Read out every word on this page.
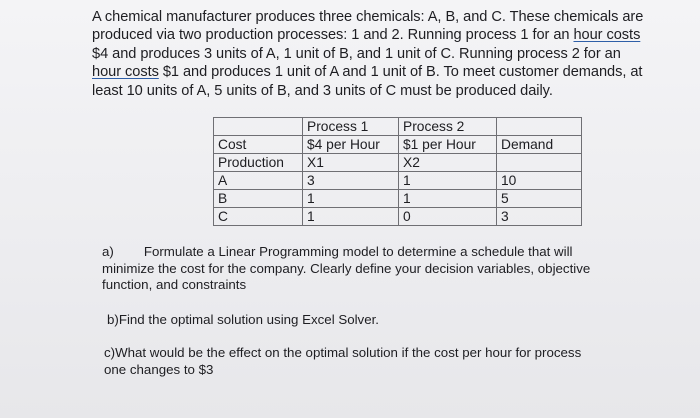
A chemical manufacturer produces three chemicals: A, B, and C. These chemicals are
produced via two production processes: 1 and 2. Running process 1 for an hour costs
$4 and produces 3 units of A, 1 unit of B, and 1 unit of C. Running process 2 for an
hour costs $1 and produces 1 unit of A and 1 unit of B. To meet customer demands, at
least 10 units of A, 5 units of B, and 3 units of C must be produced daily.
	Process 1	Process 2	
Cost	$4 per Hour	$1 per Hour	Demand
Production	X1	X2	
A	3	1	10
B	1	1	5
C	1	0	3
a) Formulate a Linear Programming model to determine a schedule that will
minimize the cost for the company. Clearly define your decision variables, objective
function, and constraints
b)Find the optimal solution using Excel Solver.
c)What would be the effect on the optimal solution if the cost per hour for process
one changes to $3
